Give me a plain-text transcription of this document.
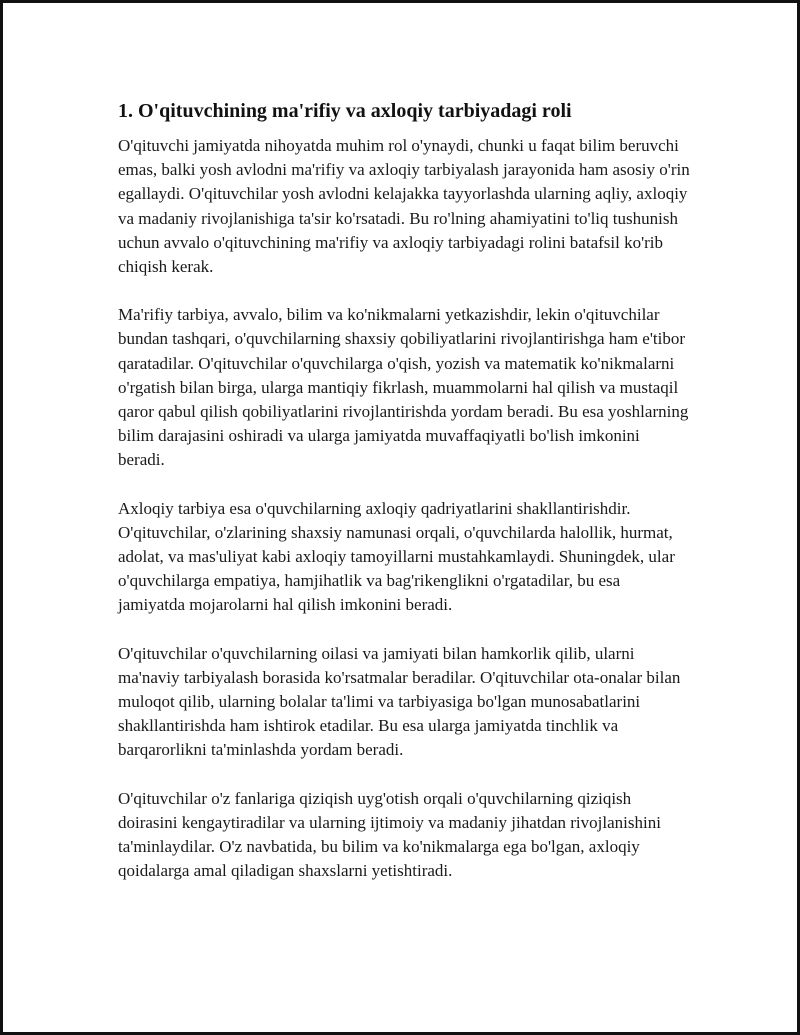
1. O'qituvchining ma'rifiy va axloqiy tarbiyadagi roli

O'qituvchi jamiyatda nihoyatda muhim rol o'ynaydi, chunki u faqat bilim beruvchi emas, balki yosh avlodni ma'rifiy va axloqiy tarbiyalash jarayonida ham asosiy o'rin egallaydi. O'qituvchilar yosh avlodni kelajakka tayyorlashda ularning aqliy, axloqiy va madaniy rivojlanishiga ta'sir ko'rsatadi. Bu ro'lning ahamiyatini to'liq tushunish uchun avvalo o'qituvchining ma'rifiy va axloqiy tarbiyadagi rolini batafsil ko'rib chiqish kerak.

Ma'rifiy tarbiya, avvalo, bilim va ko'nikmalarni yetkazishdir, lekin o'qituvchilar bundan tashqari, o'quvchilarning shaxsiy qobiliyatlarini rivojlantirishga ham e'tibor qaratadilar. O'qituvchilar o'quvchilarga o'qish, yozish va matematik ko'nikmalarni o'rgatish bilan birga, ularga mantiqiy fikrlash, muammolarni hal qilish va mustaqil qaror qabul qilish qobiliyatlarini rivojlantirishda yordam beradi. Bu esa yoshlarning bilim darajasini oshiradi va ularga jamiyatda muvaffaqiyatli bo'lish imkonini beradi.

Axloqiy tarbiya esa o'quvchilarning axloqiy qadriyatlarini shakllantirishdir. O'qituvchilar, o'zlarining shaxsiy namunasi orqali, o'quvchilarda halollik, hurmat, adolat, va mas'uliyat kabi axloqiy tamoyillarni mustahkamlaydi. Shuningdek, ular o'quvchilarga empatiya, hamjihatlik va bag'rikenglikni o'rgatadilar, bu esa jamiyatda mojarolarni hal qilish imkonini beradi.

O'qituvchilar o'quvchilarning oilasi va jamiyati bilan hamkorlik qilib, ularni ma'naviy tarbiyalash borasida ko'rsatmalar beradilar. O'qituvchilar ota-onalar bilan muloqot qilib, ularning bolalar ta'limi va tarbiyasiga bo'lgan munosabatlarini shakllantirishda ham ishtirok etadilar. Bu esa ularga jamiyatda tinchlik va barqarorlikni ta'minlashda yordam beradi.

O'qituvchilar o'z fanlariga qiziqish uyg'otish orqali o'quvchilarning qiziqish doirasini kengaytiradilar va ularning ijtimoiy va madaniy jihatdan rivojlanishini ta'minlaydilar. O'z navbatida, bu bilim va ko'nikmalarga ega bo'lgan, axloqiy qoidalarga amal qiladigan shaxslarni yetishtiradi.
